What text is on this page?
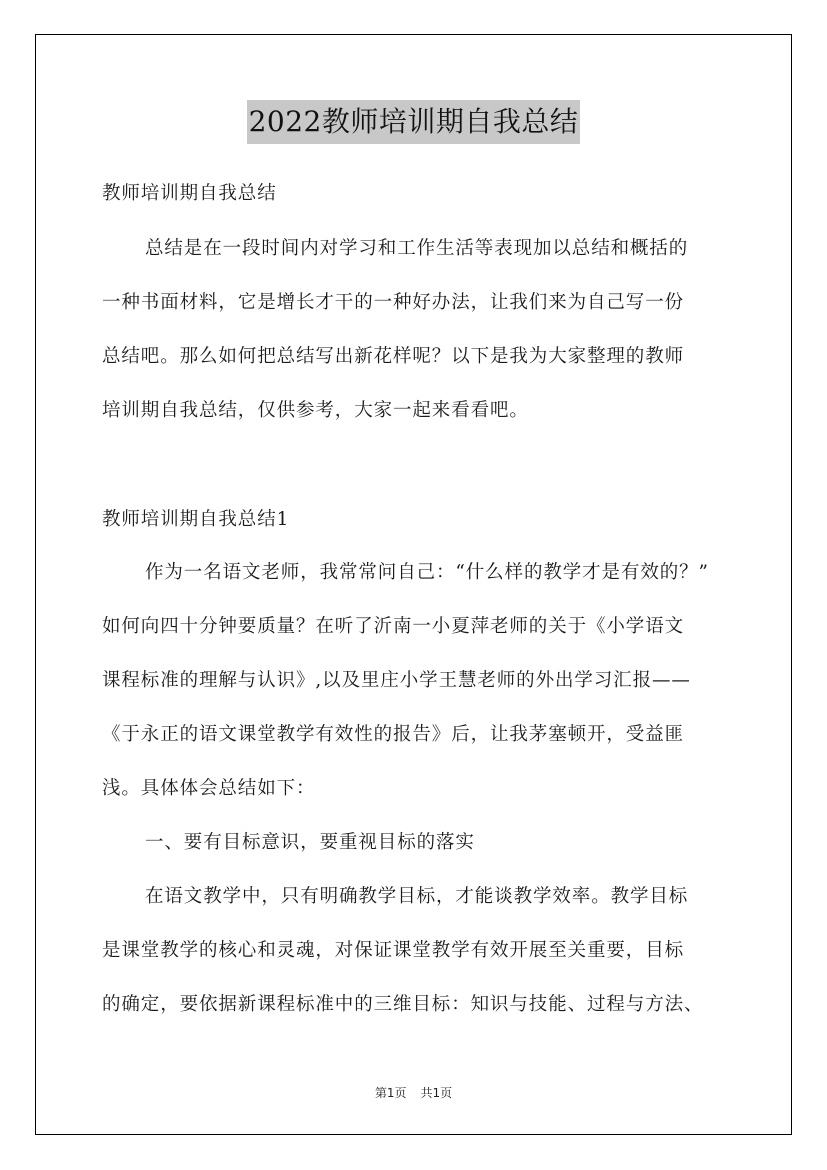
2022教师培训期自我总结
教师培训期自我总结
总结是在一段时间内对学习和工作生活等表现加以总结和概括的
一种书面材料，它是增长才干的一种好办法，让我们来为自己写一份
总结吧。那么如何把总结写出新花样呢？以下是我为大家整理的教师
培训期自我总结，仅供参考，大家一起来看看吧。
教师培训期自我总结1
作为一名语文老师，我常常问自己：“什么样的教学才是有效的？”
如何向四十分钟要质量？在听了沂南一小夏萍老师的关于《小学语文
课程标准的理解与认识》,以及里庄小学王慧老师的外出学习汇报——
《于永正的语文课堂教学有效性的报告》后，让我茅塞顿开，受益匪
浅。具体体会总结如下：
一、要有目标意识，要重视目标的落实
在语文教学中，只有明确教学目标，才能谈教学效率。教学目标
是课堂教学的核心和灵魂，对保证课堂教学有效开展至关重要，目标
的确定，要依据新课程标准中的三维目标：知识与技能、过程与方法、
第1页 共1页
